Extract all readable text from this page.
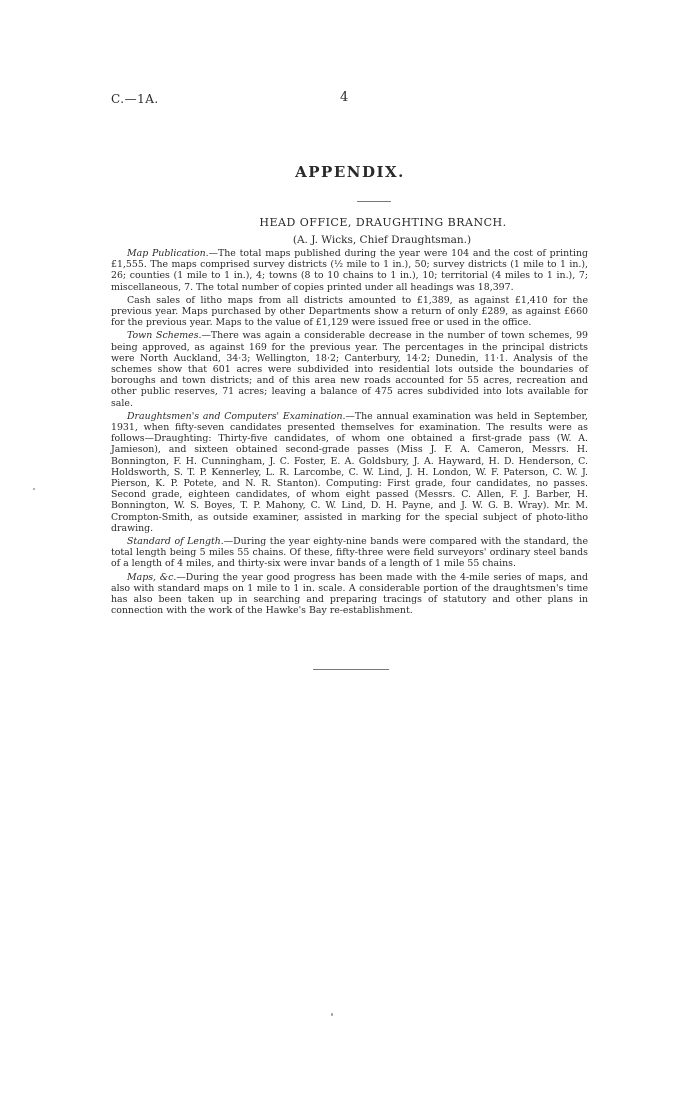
C.—1A.	4
APPENDIX.
HEAD OFFICE, DRAUGHTING BRANCH.
(A. J. Wicks, Chief Draughtsman.)

Map Publication.—The total maps published during the year were 104 and the cost of printing £1,555. The maps comprised survey districts (½ mile to 1 in.), 50; survey districts (1 mile to 1 in.), 26; counties (1 mile to 1 in.), 4; towns (8 to 10 chains to 1 in.), 10; territorial (4 miles to 1 in.), 7; miscellaneous, 7. The total number of copies printed under all headings was 18,397.

Cash sales of litho maps from all districts amounted to £1,389, as against £1,410 for the previous year. Maps purchased by other Departments show a return of only £289, as against £660 for the previous year. Maps to the value of £1,129 were issued free or used in the office.

Town Schemes.—There was again a considerable decrease in the number of town schemes, 99 being approved, as against 169 for the previous year. The percentages in the principal districts were North Auckland, 34·3; Wellington, 18·2; Canterbury, 14·2; Dunedin, 11·1. Analysis of the schemes show that 601 acres were subdivided into residential lots outside the boundaries of boroughs and town districts; and of this area new roads accounted for 55 acres, recreation and other public reserves, 71 acres; leaving a balance of 475 acres subdivided into lots available for sale.

Draughtsmen's and Computers' Examination.—The annual examination was held in September, 1931, when fifty-seven candidates presented themselves for examination. The results were as follows—Draughting: Thirty-five candidates, of whom one obtained a first-grade pass (W. A. Jamieson), and sixteen obtained second-grade passes (Miss J. F. A. Cameron, Messrs. H. Bonnington, F. H. Cunningham, J. C. Foster, E. A. Goldsbury, J. A. Hayward, H. D. Henderson, C. Holdsworth, S. T. P. Kennerley, L. R. Larcombe, C. W. Lind, J. H. London, W. F. Paterson, C. W. J. Pierson, K. P. Potete, and N. R. Stanton). Computing: First grade, four candidates, no passes. Second grade, eighteen candidates, of whom eight passed (Messrs. C. Allen, F. J. Barber, H. Bonnington, W. S. Boyes, T. P. Mahony, C. W. Lind, D. H. Payne, and J. W. G. B. Wray). Mr. M. Crompton-Smith, as outside examiner, assisted in marking for the special subject of photo-litho drawing.

Standard of Length.—During the year eighty-nine bands were compared with the standard, the total length being 5 miles 55 chains. Of these, fifty-three were field surveyors' ordinary steel bands of a length of 4 miles, and thirty-six were invar bands of a length of 1 mile 55 chains.

Maps, &c.—During the year good progress has been made with the 4-mile series of maps, and also with standard maps on 1 mile to 1 in. scale. A considerable portion of the draughtsmen's time has also been taken up in searching and preparing tracings of statutory and other plans in connection with the work of the Hawke's Bay re-establishment.
